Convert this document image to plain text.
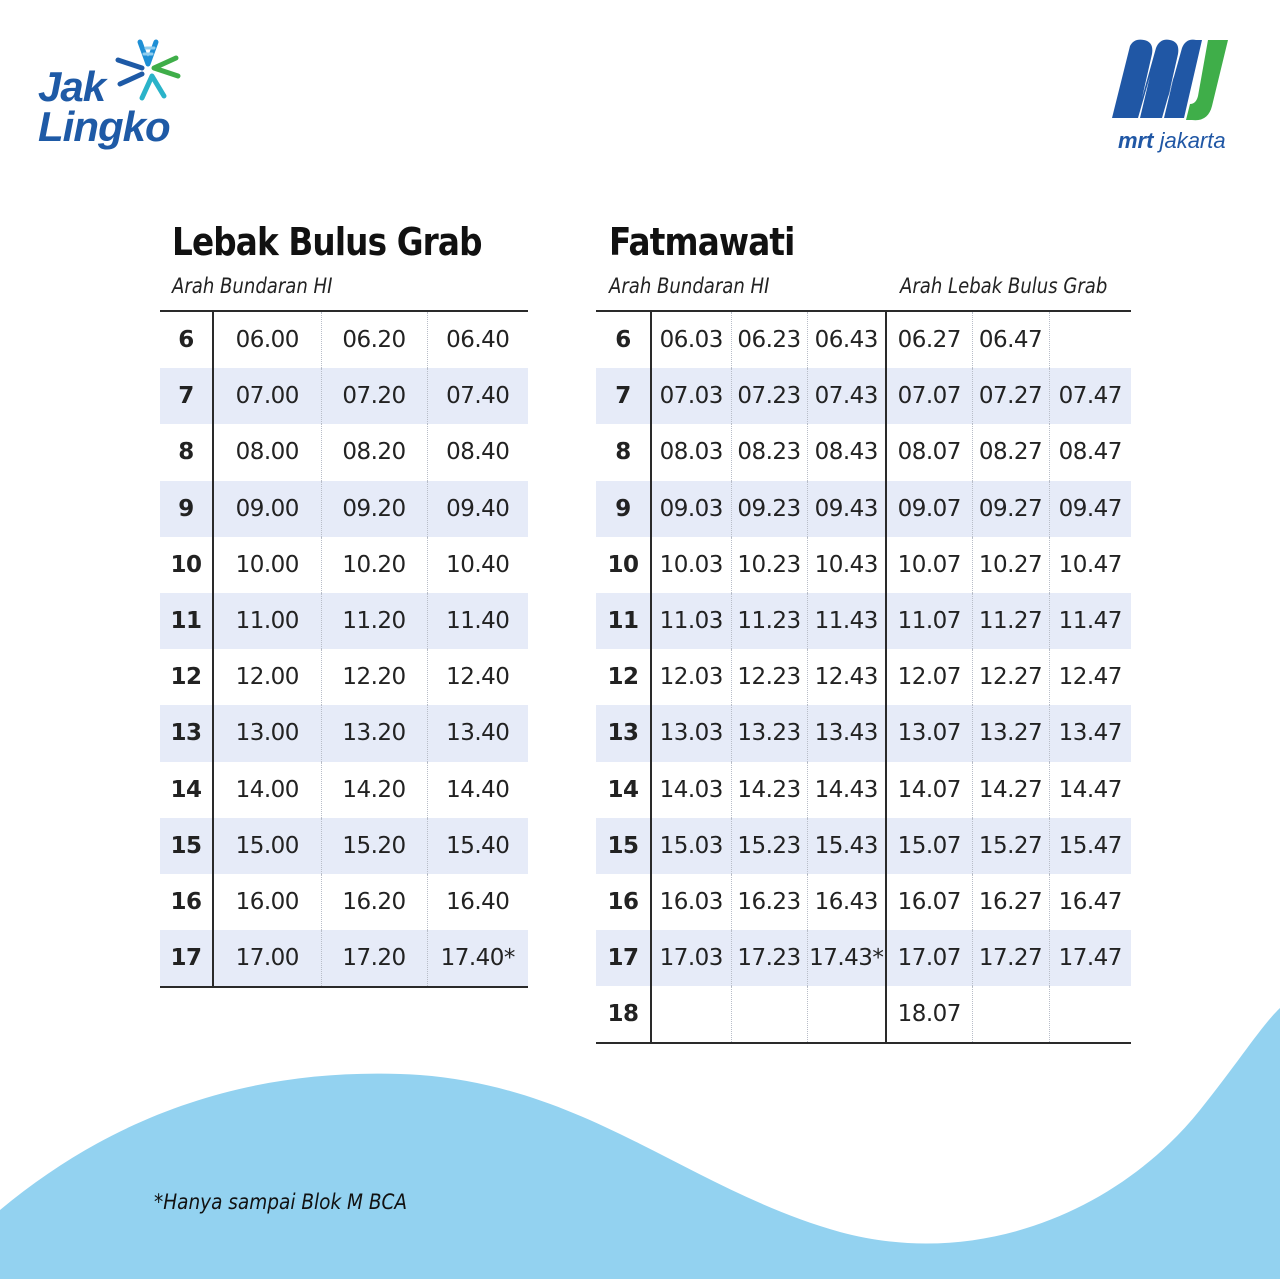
Jak
Lingko	mrt jakarta
Lebak Bulus Grab
Arah Bundaran HI
6	06.00	06.20	06.40
7	07.00	07.20	07.40
8	08.00	08.20	08.40
9	09.00	09.20	09.40
10	10.00	10.20	10.40
11	11.00	11.20	11.40
12	12.00	12.20	12.40
13	13.00	13.20	13.40
14	14.00	14.20	14.40
15	15.00	15.20	15.40
16	16.00	16.20	16.40
17	17.00	17.20	17.40*
Fatmawati
Arah Bundaran HI	Arah Lebak Bulus Grab
6	06.03	06.23	06.43	06.27	06.47	
7	07.03	07.23	07.43	07.07	07.27	07.47
8	08.03	08.23	08.43	08.07	08.27	08.47
9	09.03	09.23	09.43	09.07	09.27	09.47
10	10.03	10.23	10.43	10.07	10.27	10.47
11	11.03	11.23	11.43	11.07	11.27	11.47
12	12.03	12.23	12.43	12.07	12.27	12.47
13	13.03	13.23	13.43	13.07	13.27	13.47
14	14.03	14.23	14.43	14.07	14.27	14.47
15	15.03	15.23	15.43	15.07	15.27	15.47
16	16.03	16.23	16.43	16.07	16.27	16.47
17	17.03	17.23	17.43*	17.07	17.27	17.47
18				18.07		
*Hanya sampai Blok M BCA
